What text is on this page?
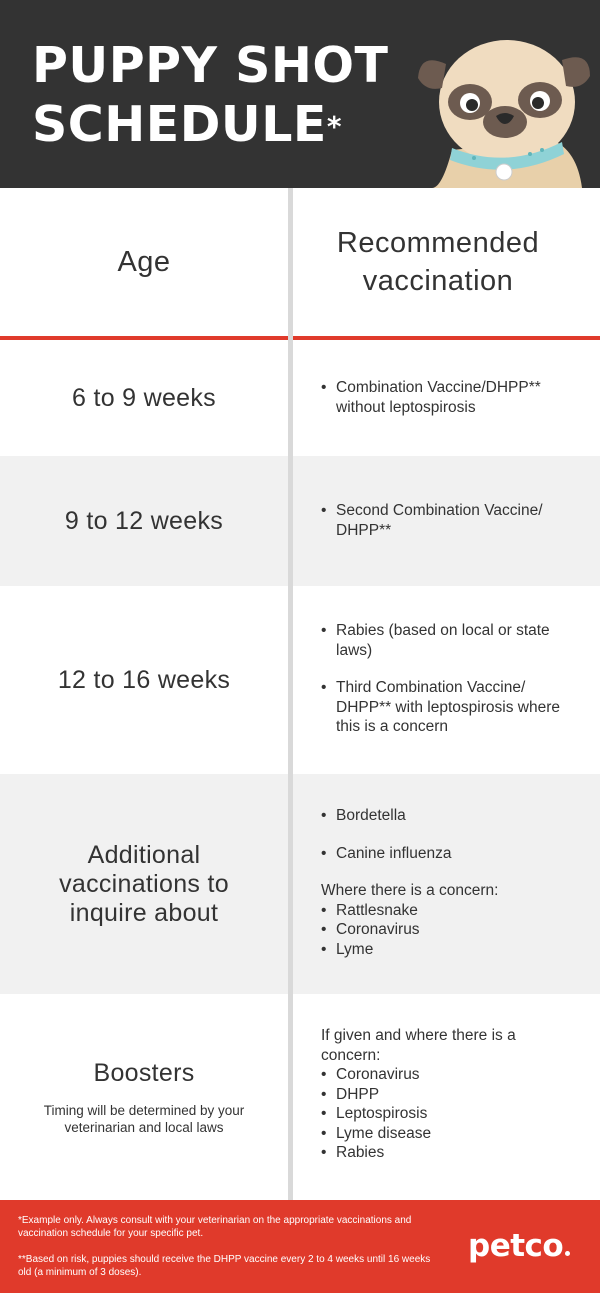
PUPPY SHOT
SCHEDULE*
Age
Recommended vaccination
6 to 9 weeks	• Combination Vaccine/DHPP** without leptospirosis
9 to 12 weeks	• Second Combination Vaccine/ DHPP**
12 to 16 weeks
• Rabies (based on local or state laws)
• Third Combination Vaccine/ DHPP** with leptospirosis where this is a concern
Additional vaccinations to inquire about
• Bordetella
• Canine influenza
Where there is a concern:
• Rattlesnake
• Coronavirus
• Lyme
Boosters
Timing will be determined by your veterinarian and local laws
If given and where there is a concern:
• Coronavirus
• DHPP
• Leptospirosis
• Lyme disease
• Rabies
*Example only. Always consult with your veterinarian on the appropriate vaccinations and vaccination schedule for your specific pet.
**Based on risk, puppies should receive the DHPP vaccine every 2 to 4 weeks until 16 weeks old (a minimum of 3 doses).
petco
